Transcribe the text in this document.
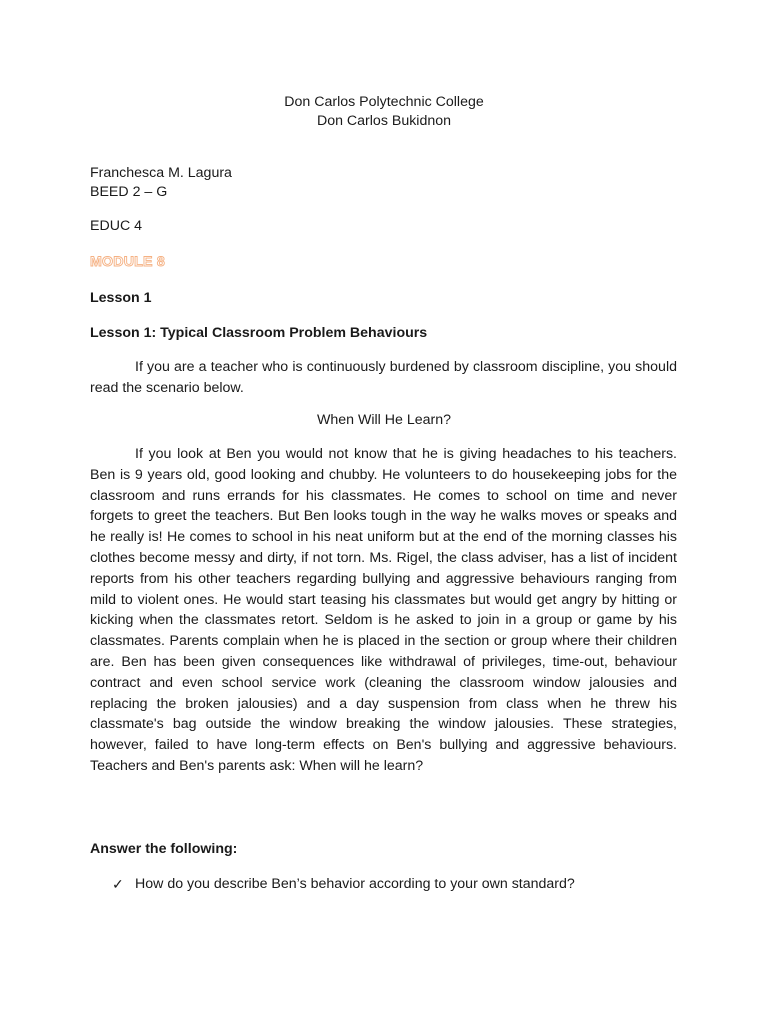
Don Carlos Polytechnic College
Don Carlos Bukidnon
Franchesca M. Lagura
BEED 2 – G
EDUC 4
MODULE 8
Lesson 1
Lesson 1: Typical Classroom Problem Behaviours

If you are a teacher who is continuously burdened by classroom discipline, you should read the scenario below.

When Will He Learn?

If you look at Ben you would not know that he is giving headaches to his teachers. Ben is 9 years old, good looking and chubby. He volunteers to do housekeeping jobs for the classroom and runs errands for his classmates. He comes to school on time and never forgets to greet the teachers. But Ben looks tough in the way he walks moves or speaks and he really is! He comes to school in his neat uniform but at the end of the morning classes his clothes become messy and dirty, if not torn. Ms. Rigel, the class adviser, has a list of incident reports from his other teachers regarding bullying and aggressive behaviours ranging from mild to violent ones. He would start teasing his classmates but would get angry by hitting or kicking when the classmates retort. Seldom is he asked to join in a group or game by his classmates. Parents complain when he is placed in the section or group where their children are. Ben has been given consequences like withdrawal of privileges, time-out, behaviour contract and even school service work (cleaning the classroom window jalousies and replacing the broken jalousies) and a day suspension from class when he threw his classmate's bag outside the window breaking the window jalousies. These strategies, however, failed to have long-term effects on Ben's bullying and aggressive behaviours. Teachers and Ben's parents ask: When will he learn?

Answer the following:
✓ How do you describe Ben’s behavior according to your own standard?
